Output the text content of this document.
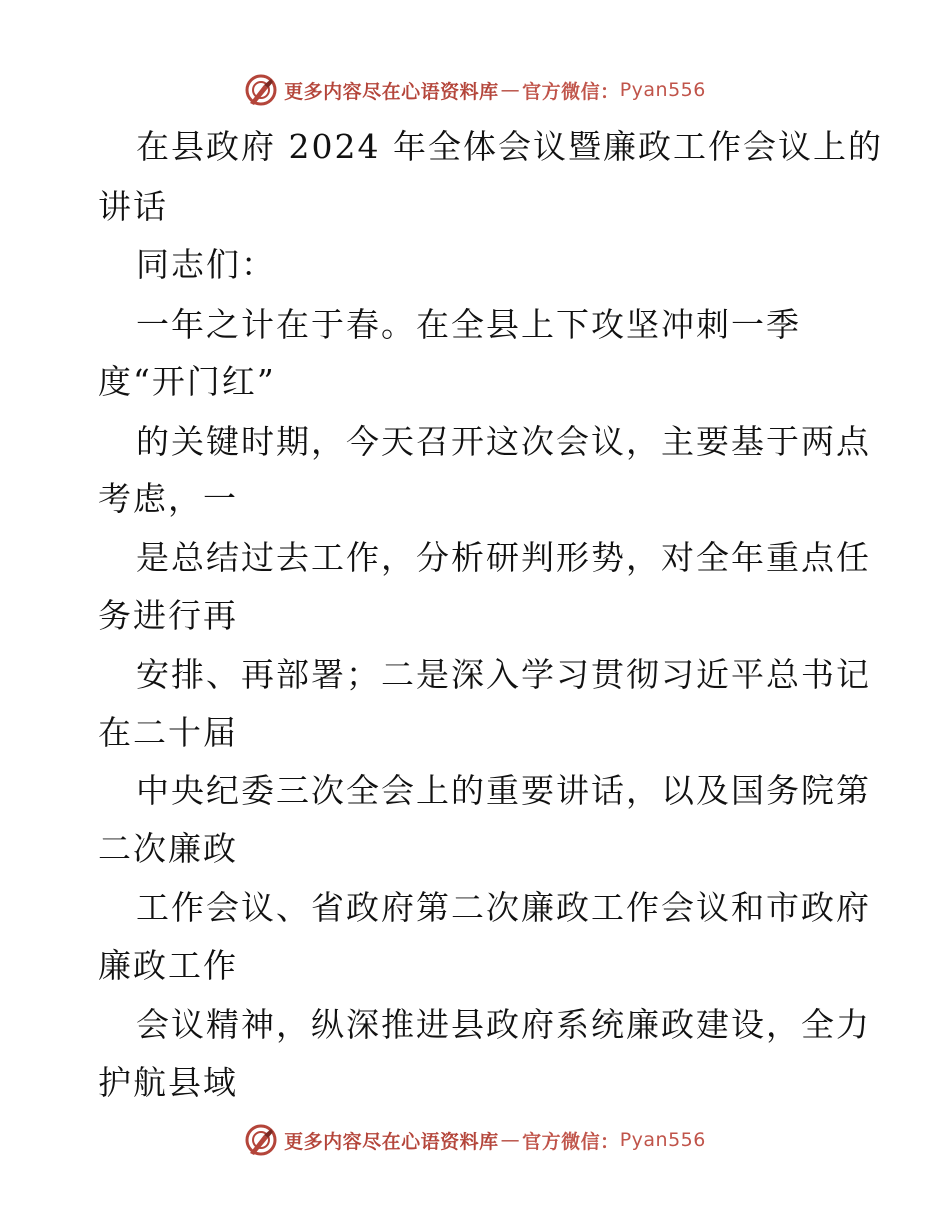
更多内容尽在心语资料库 — 官方微信： Pyan556
在县政府 2024 年全体会议暨廉政工作会议上的
讲话
同志们：
一年之计在于春。在全县上下攻坚冲刺一季
度“开门红”
的关键时期，今天召开这次会议，主要基于两点
考虑，一
是总结过去工作，分析研判形势，对全年重点任
务进行再
安排、再部署；二是深入学习贯彻习近平总书记
在二十届
中央纪委三次全会上的重要讲话，以及国务院第
二次廉政
工作会议、省政府第二次廉政工作会议和市政府
廉政工作
会议精神，纵深推进县政府系统廉政建设，全力
护航县域
更多内容尽在心语资料库 — 官方微信： Pyan556
